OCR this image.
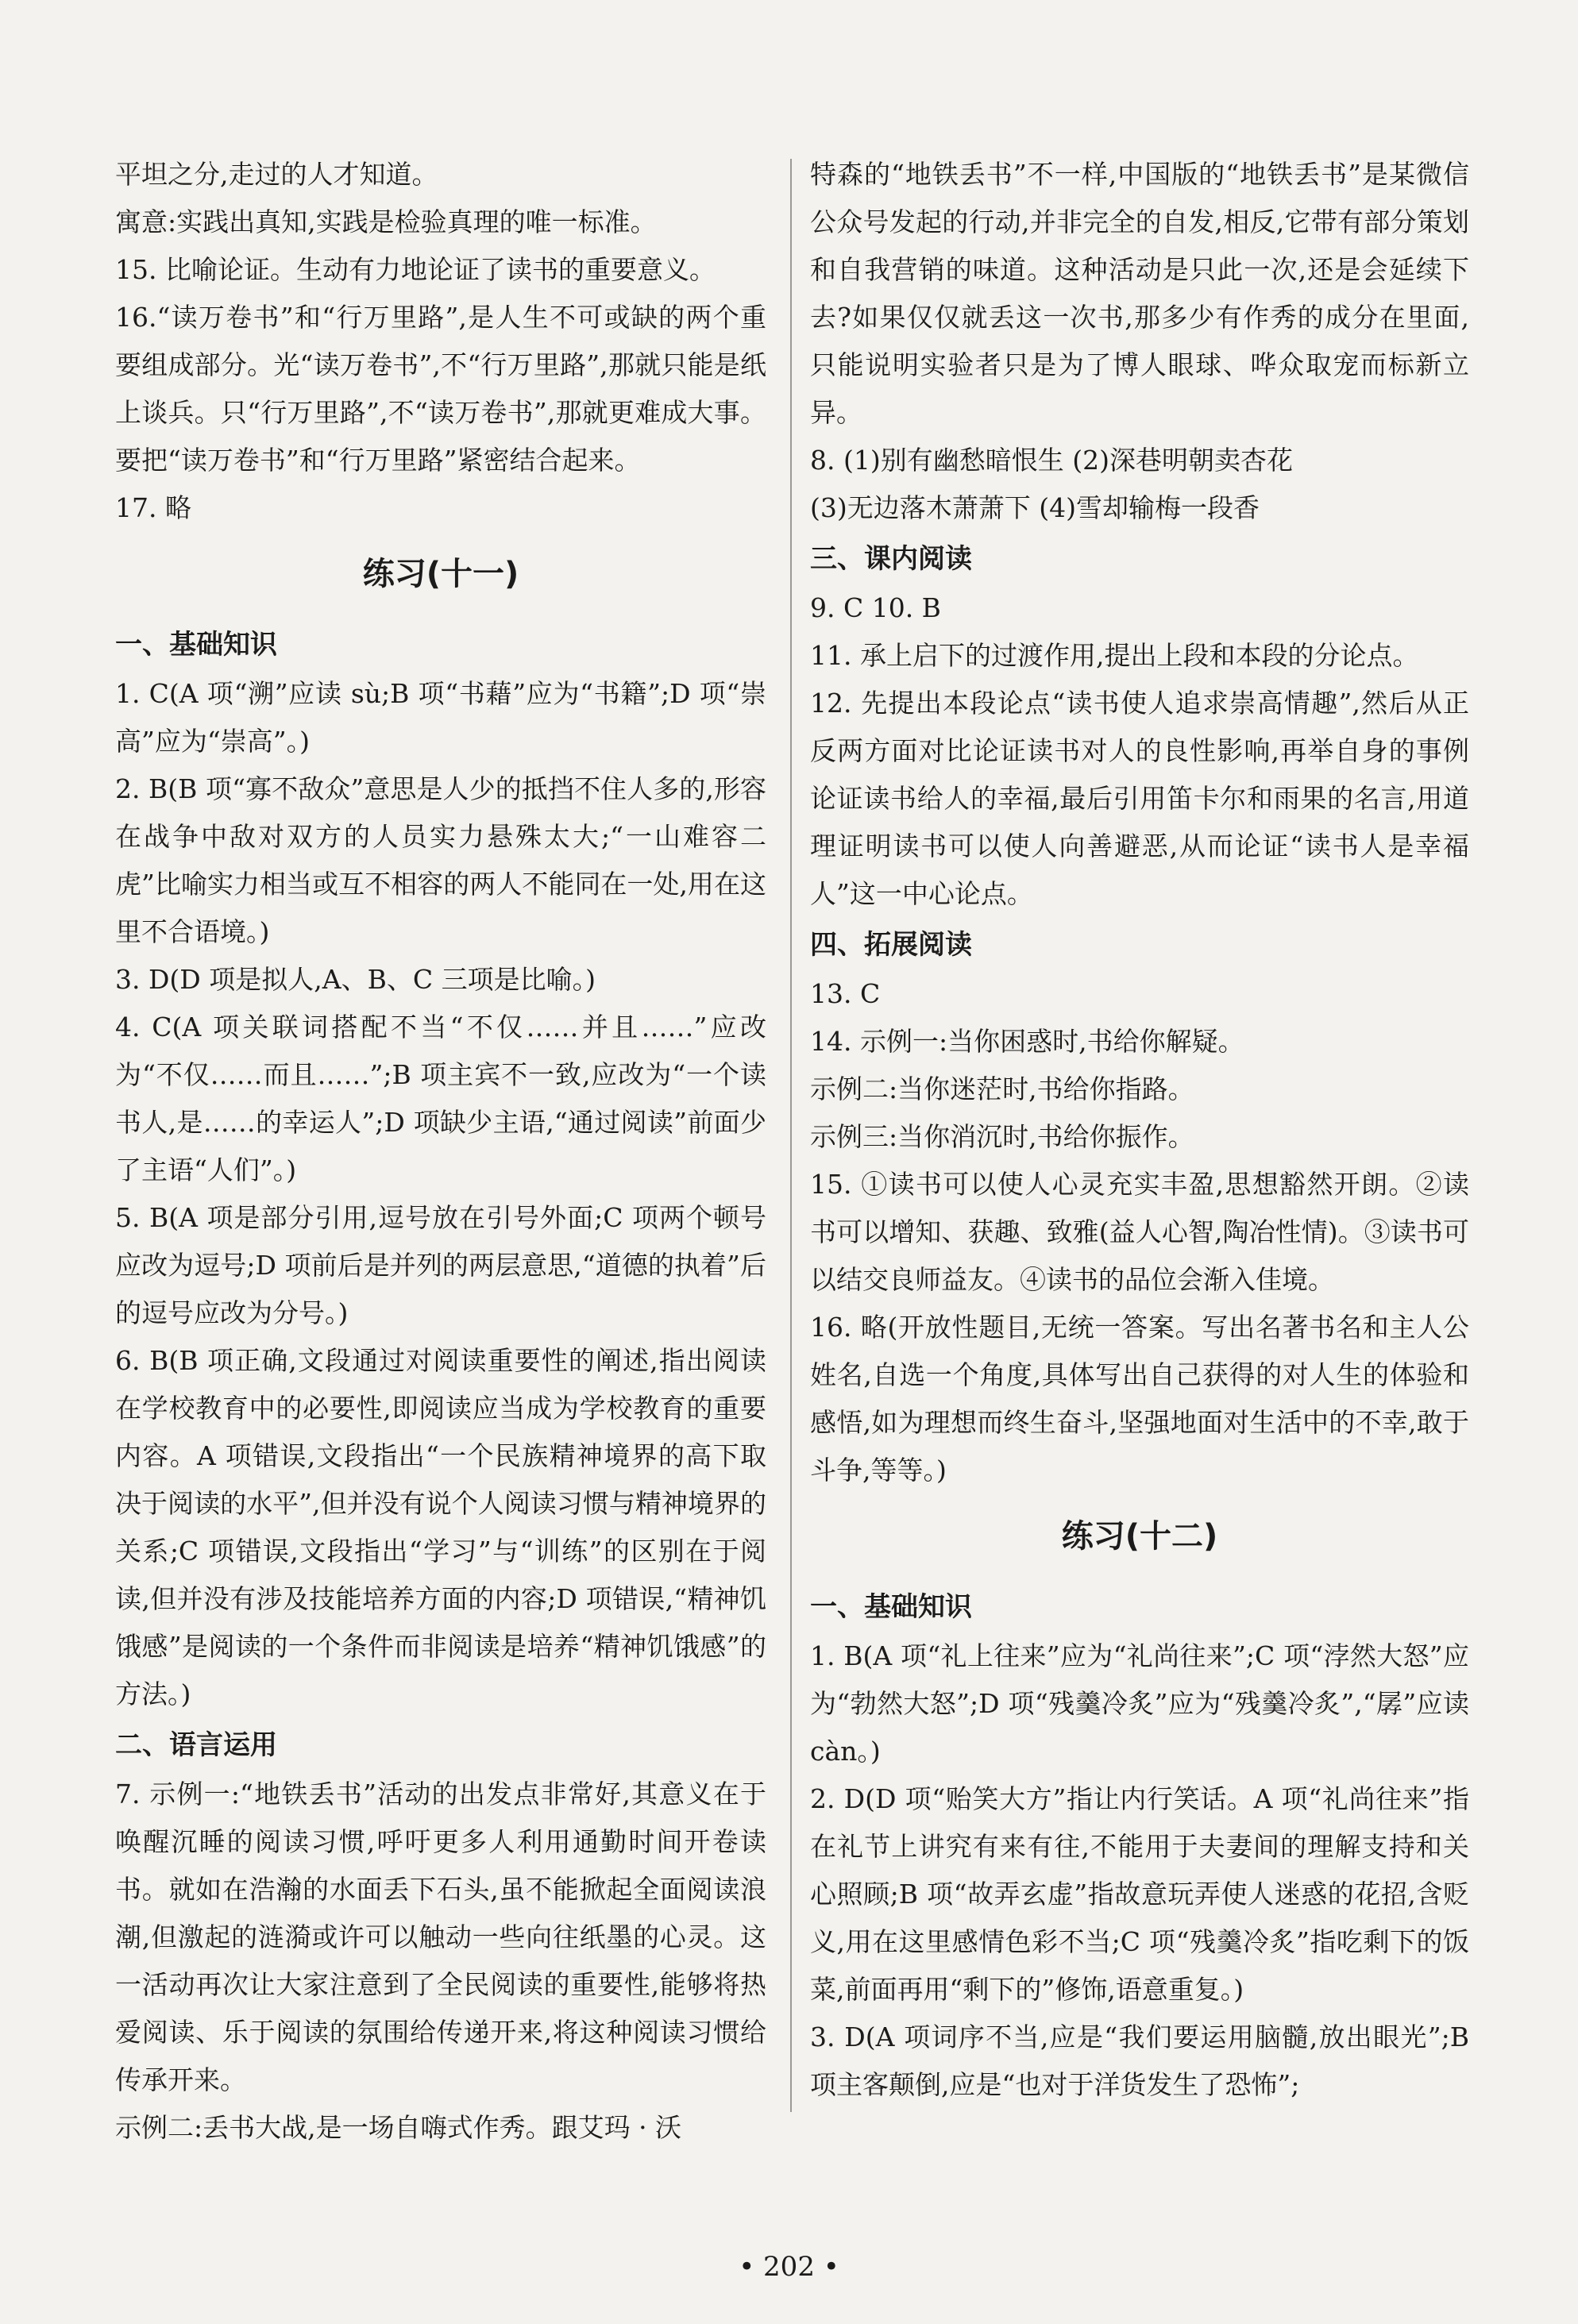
平坦之分,走过的人才知道。

寓意:实践出真知,实践是检验真理的唯一标准。

15. 比喻论证。生动有力地论证了读书的重要意义。

16.“读万卷书”和“行万里路”,是人生不可或缺的两个重要组成部分。光“读万卷书”,不“行万里路”,那就只能是纸上谈兵。只“行万里路”,不“读万卷书”,那就更难成大事。要把“读万卷书”和“行万里路”紧密结合起来。

17. 略

练习(十一)
一、基础知识

1. C(A 项“溯”应读 sù;B 项“书藉”应为“书籍”;D 项“崇高”应为“崇高”。)

2. B(B 项“寡不敌众”意思是人少的抵挡不住人多的,形容在战争中敌对双方的人员实力悬殊太大;“一山难容二虎”比喻实力相当或互不相容的两人不能同在一处,用在这里不合语境。)

3. D(D 项是拟人,A、B、C 三项是比喻。)

4. C(A 项关联词搭配不当“不仅……并且……”应改为“不仅……而且……”;B 项主宾不一致,应改为“一个读书人,是……的幸运人”;D 项缺少主语,“通过阅读”前面少了主语“人们”。)

5. B(A 项是部分引用,逗号放在引号外面;C 项两个顿号应改为逗号;D 项前后是并列的两层意思,“道德的执着”后的逗号应改为分号。)

6. B(B 项正确,文段通过对阅读重要性的阐述,指出阅读在学校教育中的必要性,即阅读应当成为学校教育的重要内容。A 项错误,文段指出“一个民族精神境界的高下取决于阅读的水平”,但并没有说个人阅读习惯与精神境界的关系;C 项错误,文段指出“学习”与“训练”的区别在于阅读,但并没有涉及技能培养方面的内容;D 项错误,“精神饥饿感”是阅读的一个条件而非阅读是培养“精神饥饿感”的方法。)

二、语言运用

7. 示例一:“地铁丢书”活动的出发点非常好,其意义在于唤醒沉睡的阅读习惯,呼吁更多人利用通勤时间开卷读书。就如在浩瀚的水面丢下石头,虽不能掀起全面阅读浪潮,但激起的涟漪或许可以触动一些向往纸墨的心灵。这一活动再次让大家注意到了全民阅读的重要性,能够将热爱阅读、乐于阅读的氛围给传递开来,将这种阅读习惯给传承开来。

示例二:丢书大战,是一场自嗨式作秀。跟艾玛 · 沃

特森的“地铁丢书”不一样,中国版的“地铁丢书”是某微信公众号发起的行动,并非完全的自发,相反,它带有部分策划和自我营销的味道。这种活动是只此一次,还是会延续下去?如果仅仅就丢这一次书,那多少有作秀的成分在里面,只能说明实验者只是为了博人眼球、哗众取宠而标新立异。

8. (1)别有幽愁暗恨生 (2)深巷明朝卖杏花

(3)无边落木萧萧下 (4)雪却输梅一段香

三、课内阅读

9. C 10. B

11. 承上启下的过渡作用,提出上段和本段的分论点。

12. 先提出本段论点“读书使人追求崇高情趣”,然后从正反两方面对比论证读书对人的良性影响,再举自身的事例论证读书给人的幸福,最后引用笛卡尔和雨果的名言,用道理证明读书可以使人向善避恶,从而论证“读书人是幸福人”这一中心论点。

四、拓展阅读

13. C

14. 示例一:当你困惑时,书给你解疑。

示例二:当你迷茫时,书给你指路。

示例三:当你消沉时,书给你振作。

15. ①读书可以使人心灵充实丰盈,思想豁然开朗。②读书可以增知、获趣、致雅(益人心智,陶冶性情)。③读书可以结交良师益友。④读书的品位会渐入佳境。

16. 略(开放性题目,无统一答案。写出名著书名和主人公姓名,自选一个角度,具体写出自己获得的对人生的体验和感悟,如为理想而终生奋斗,坚强地面对生活中的不幸,敢于斗争,等等。)

练习(十二)
一、基础知识

1. B(A 项“礼上往来”应为“礼尚往来”;C 项“浡然大怒”应为“勃然大怒”;D 项“残羹冷炙”应为“残羹冷炙”,“孱”应读 càn。)

2. D(D 项“贻笑大方”指让内行笑话。A 项“礼尚往来”指在礼节上讲究有来有往,不能用于夫妻间的理解支持和关心照顾;B 项“故弄玄虚”指故意玩弄使人迷惑的花招,含贬义,用在这里感情色彩不当;C 项“残羹冷炙”指吃剩下的饭菜,前面再用“剩下的”修饰,语意重复。)

3. D(A 项词序不当,应是“我们要运用脑髓,放出眼光”;B 项主客颠倒,应是“也对于洋货发生了恐怖”;

• 202 •
